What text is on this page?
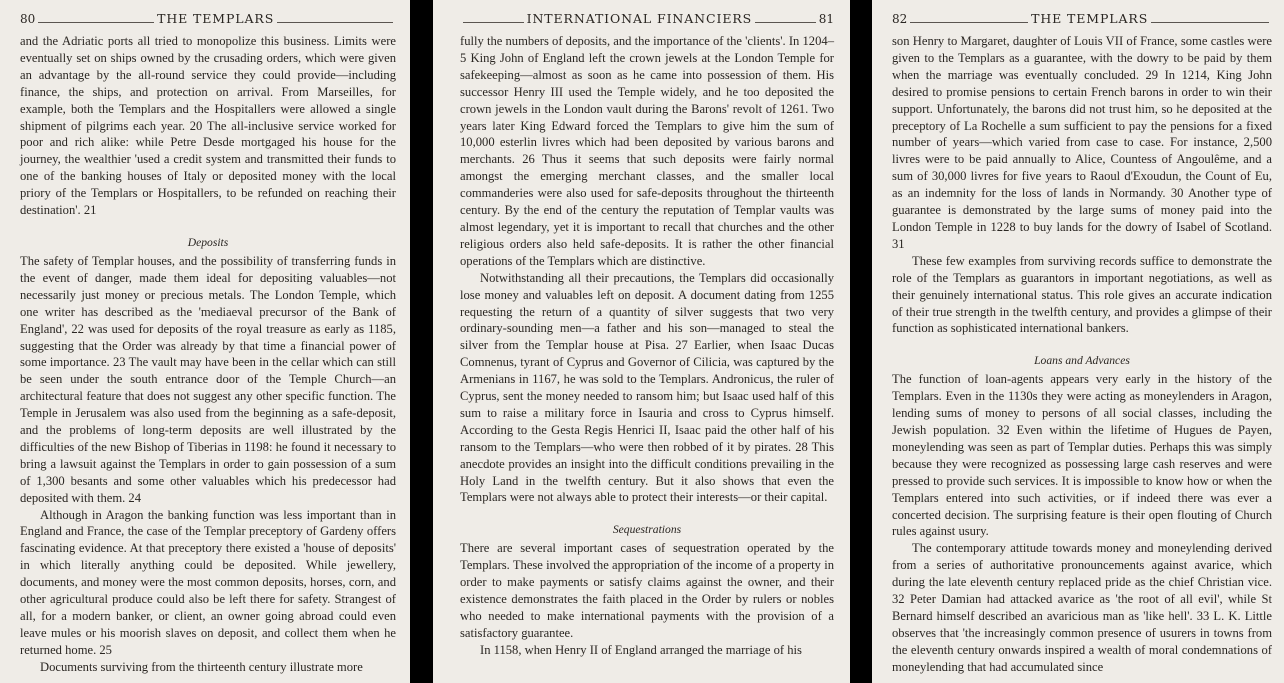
80	THE TEMPLARS

and the Adriatic ports all tried to monopolize this business. Limits were eventually set on ships owned by the crusading orders, which were given an advantage by the all-round service they could provide—including finance, the ships, and protection on arrival. From Marseilles, for example, both the Templars and the Hospitallers were allowed a single shipment of pilgrims each year. 20 The all-inclusive service worked for poor and rich alike: while Petre Desde mortgaged his house for the journey, the wealthier 'used a credit system and transmitted their funds to one of the banking houses of Italy or deposited money with the local priory of the Templars or Hospitallers, to be refunded on reaching their destination'. 21

Deposits

The safety of Templar houses, and the possibility of transferring funds in the event of danger, made them ideal for depositing valuables—not necessarily just money or precious metals. The London Temple, which one writer has described as the 'mediaeval precursor of the Bank of England', 22 was used for deposits of the royal treasure as early as 1185, suggesting that the Order was already by that time a financial power of some importance. 23 The vault may have been in the cellar which can still be seen under the south entrance door of the Temple Church—an architectural feature that does not suggest any other specific function. The Temple in Jerusalem was also used from the beginning as a safe-deposit, and the problems of long-term deposits are well illustrated by the difficulties of the new Bishop of Tiberias in 1198: he found it necessary to bring a lawsuit against the Templars in order to gain possession of a sum of 1,300 besants and some other valuables which his predecessor had deposited with them. 24

Although in Aragon the banking function was less important than in England and France, the case of the Templar preceptory of Gardeny offers fascinating evidence. At that preceptory there existed a 'house of deposits' in which literally anything could be deposited. While jewellery, documents, and money were the most common deposits, horses, corn, and other agricultural produce could also be left there for safety. Strangest of all, for a modern banker, or client, an owner going abroad could even leave mules or his moorish slaves on deposit, and collect them when he returned home. 25

Documents surviving from the thirteenth century illustrate more

INTERNATIONAL FINANCIERS	81

fully the numbers of deposits, and the importance of the 'clients'. In 1204–5 King John of England left the crown jewels at the London Temple for safekeeping—almost as soon as he came into possession of them. His successor Henry III used the Temple widely, and he too deposited the crown jewels in the London vault during the Barons' revolt of 1261. Two years later King Edward forced the Templars to give him the sum of 10,000 esterlin livres which had been deposited by various barons and merchants. 26 Thus it seems that such deposits were fairly normal amongst the emerging merchant classes, and the smaller local commanderies were also used for safe-deposits throughout the thirteenth century. By the end of the century the reputation of Templar vaults was almost legendary, yet it is important to recall that churches and the other religious orders also held safe-deposits. It is rather the other financial operations of the Templars which are distinctive.

Notwithstanding all their precautions, the Templars did occasionally lose money and valuables left on deposit. A document dating from 1255 requesting the return of a quantity of silver suggests that two very ordinary-sounding men—a father and his son—managed to steal the silver from the Templar house at Pisa. 27 Earlier, when Isaac Ducas Comnenus, tyrant of Cyprus and Governor of Cilicia, was captured by the Armenians in 1167, he was sold to the Templars. Andronicus, the ruler of Cyprus, sent the money needed to ransom him; but Isaac used half of this sum to raise a military force in Isauria and cross to Cyprus himself. According to the Gesta Regis Henrici II, Isaac paid the other half of his ransom to the Templars—who were then robbed of it by pirates. 28 This anecdote provides an insight into the difficult conditions prevailing in the Holy Land in the twelfth century. But it also shows that even the Templars were not always able to protect their interests—or their capital.

Sequestrations

There are several important cases of sequestration operated by the Templars. These involved the appropriation of the income of a property in order to make payments or satisfy claims against the owner, and their existence demonstrates the faith placed in the Order by rulers or nobles who needed to make international payments with the provision of a satisfactory guarantee.

In 1158, when Henry II of England arranged the marriage of his

82	THE TEMPLARS

son Henry to Margaret, daughter of Louis VII of France, some castles were given to the Templars as a guarantee, with the dowry to be paid by them when the marriage was eventually concluded. 29 In 1214, King John desired to promise pensions to certain French barons in order to win their support. Unfortunately, the barons did not trust him, so he deposited at the preceptory of La Rochelle a sum sufficient to pay the pensions for a fixed number of years—which varied from case to case. For instance, 2,500 livres were to be paid annually to Alice, Countess of Angoulême, and a sum of 30,000 livres for five years to Raoul d'Exoudun, the Count of Eu, as an indemnity for the loss of lands in Normandy. 30 Another type of guarantee is demonstrated by the large sums of money paid into the London Temple in 1228 to buy lands for the dowry of Isabel of Scotland. 31

These few examples from surviving records suffice to demonstrate the role of the Templars as guarantors in important negotiations, as well as their genuinely international status. This role gives an accurate indication of their true strength in the twelfth century, and provides a glimpse of their function as sophisticated international bankers.

Loans and Advances

The function of loan-agents appears very early in the history of the Templars. Even in the 1130s they were acting as moneylenders in Aragon, lending sums of money to persons of all social classes, including the Jewish population. 32 Even within the lifetime of Hugues de Payen, moneylending was seen as part of Templar duties. Perhaps this was simply because they were recognized as possessing large cash reserves and were pressed to provide such services. It is impossible to know how or when the Templars entered into such activities, or if indeed there was ever a concerted decision. The surprising feature is their open flouting of Church rules against usury.

The contemporary attitude towards money and moneylending derived from a series of authoritative pronouncements against avarice, which during the late eleventh century replaced pride as the chief Christian vice. 32 Peter Damian had attacked avarice as 'the root of all evil', while St Bernard himself described an avaricious man as 'like hell'. 33 L. K. Little observes that 'the increasingly common presence of usurers in towns from the eleventh century onwards inspired a wealth of moral condemnations of moneylending that had accumulated since
